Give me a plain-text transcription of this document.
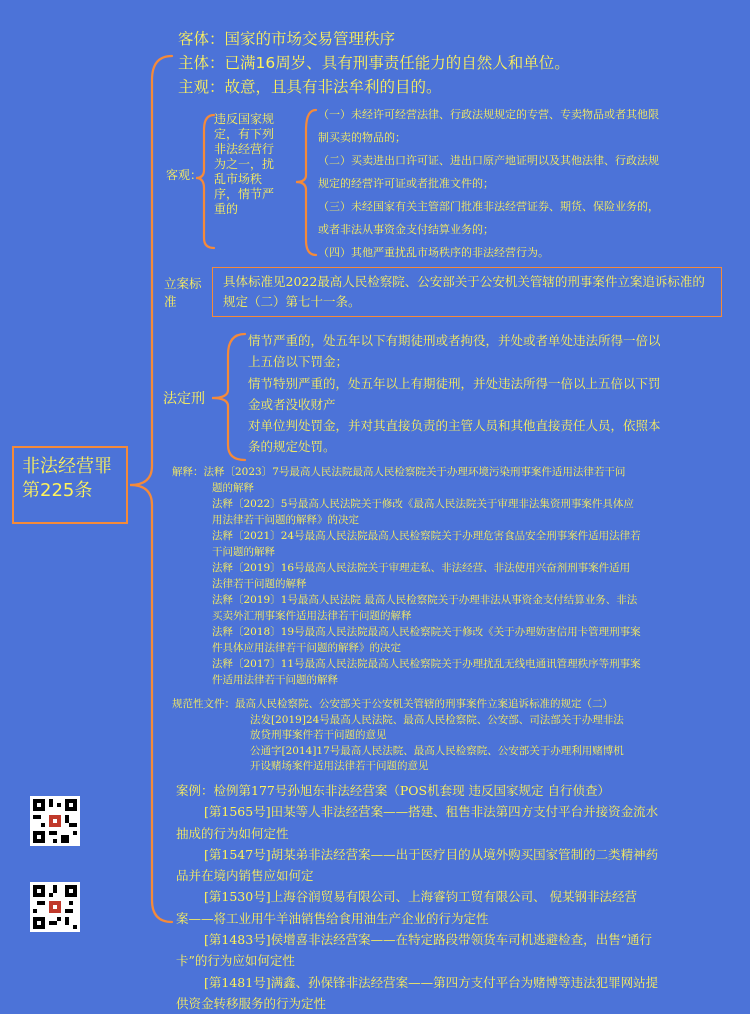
非法经营罪
第225条
客体：国家的市场交易管理秩序
主体：已满16周岁、具有刑事责任能力的自然人和单位。
主观：故意，且具有非法牟利的目的。
客观：
违反国家规定，有下列非法经营行为之一，扰乱市场秩序，情节严重的
（一）未经许可经营法律、行政法规规定的专营、专卖物品或者其他限
制买卖的物品的；
（二）买卖进出口许可证、进出口原产地证明以及其他法律、行政法规
规定的经营许可证或者批准文件的；
（三）未经国家有关主管部门批准非法经营证券、期货、保险业务的，
或者非法从事资金支付结算业务的；
（四）其他严重扰乱市场秩序的非法经营行为。
立案标准
具体标准见2022最高人民检察院、公安部关于公安机关管辖的刑事案件立案追诉标准的规定（二）第七十一条。
法定刑
情节严重的，处五年以下有期徒刑或者拘役，并处或者单处违法所得一倍以
上五倍以下罚金；
情节特别严重的，处五年以上有期徒刑，并处违法所得一倍以上五倍以下罚
金或者没收财产
对单位判处罚金，并对其直接负责的主管人员和其他直接责任人员，依照本
条的规定处罚。
解释：法释〔2023〕7号最高人民法院最高人民检察院关于办理环境污染刑事案件适用法律若干问
题的解释
法释〔2022〕5号最高人民法院关于修改《最高人民法院关于审理非法集资刑事案件具体应
用法律若干问题的解释》的决定
法释〔2021〕24号最高人民法院最高人民检察院关于办理危害食品安全刑事案件适用法律若
干问题的解释
法释〔2019〕16号最高人民法院关于审理走私、非法经营、非法使用兴奋剂刑事案件适用
法律若干问题的解释
法释〔2019〕1号最高人民法院 最高人民检察院关于办理非法从事资金支付结算业务、非法
买卖外汇刑事案件适用法律若干问题的解释
法释〔2018〕19号最高人民法院最高人民检察院关于修改《关于办理妨害信用卡管理刑事案
件具体应用法律若干问题的解释》的决定
法释〔2017〕11号最高人民法院最高人民检察院关于办理扰乱无线电通讯管理秩序等刑事案
件适用法律若干问题的解释
规范性文件：最高人民检察院、公安部关于公安机关管辖的刑事案件立案追诉标准的规定（二）
法发[2019]24号最高人民法院、最高人民检察院、公安部、司法部关于办理非法
放贷刑事案件若干问题的意见
公通字[2014]17号最高人民法院、最高人民检察院、公安部关于办理利用赌博机
开设赌场案件适用法律若干问题的意见
案例：检例第177号孙旭东非法经营案（POS机套现 违反国家规定 自行侦查）
[第1565号]田某等人非法经营案——搭建、租售非法第四方支付平台并接资金流水
抽成的行为如何定性
[第1547号]胡某弟非法经营案——出于医疗目的从境外购买国家管制的二类精神药
品并在境内销售应如何定
[第1530号]上海谷润贸易有限公司、上海睿钧工贸有限公司、 倪某钢非法经营
案——将工业用牛羊油销售给食用油生产企业的行为定性
[第1483号]侯增喜非法经营案——在特定路段带领货车司机逃避检查，出售“通行
卡”的行为应如何定性
[第1481号]满鑫、孙保锋非法经营案——第四方支付平台为赌博等违法犯罪网站提
供资金转移服务的行为定性
